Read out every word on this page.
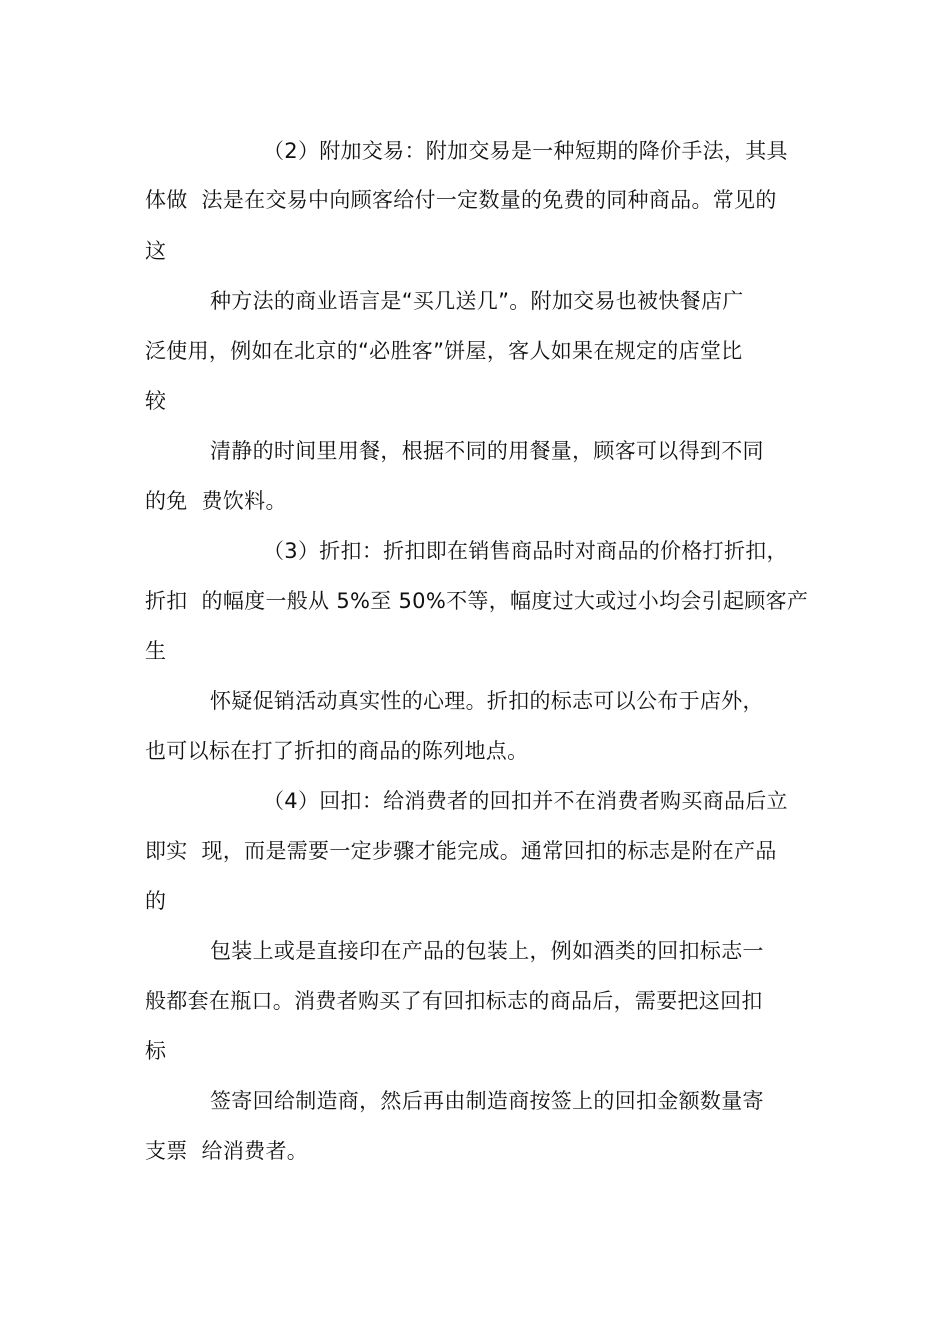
（2）附加交易：附加交易是一种短期的降价手法，其具
体做  法是在交易中向顾客给付一定数量的免费的同种商品。常见的
这
种方法的商业语言是“买几送几”。附加交易也被快餐店广
泛使用，例如在北京的“必胜客”饼屋，客人如果在规定的店堂比
较
清静的时间里用餐，根据不同的用餐量，顾客可以得到不同
的免  费饮料。
（3）折扣：折扣即在销售商品时对商品的价格打折扣，
折扣  的幅度一般从 5%至 50%不等，幅度过大或过小均会引起顾客产
生
怀疑促销活动真实性的心理。折扣的标志可以公布于店外，
也可以标在打了折扣的商品的陈列地点。
（4）回扣：给消费者的回扣并不在消费者购买商品后立
即实  现，而是需要一定步骤才能完成。通常回扣的标志是附在产品
的
包装上或是直接印在产品的包装上，例如酒类的回扣标志一
般都套在瓶口。消费者购买了有回扣标志的商品后，需要把这回扣
标
签寄回给制造商，然后再由制造商按签上的回扣金额数量寄
支票  给消费者。
